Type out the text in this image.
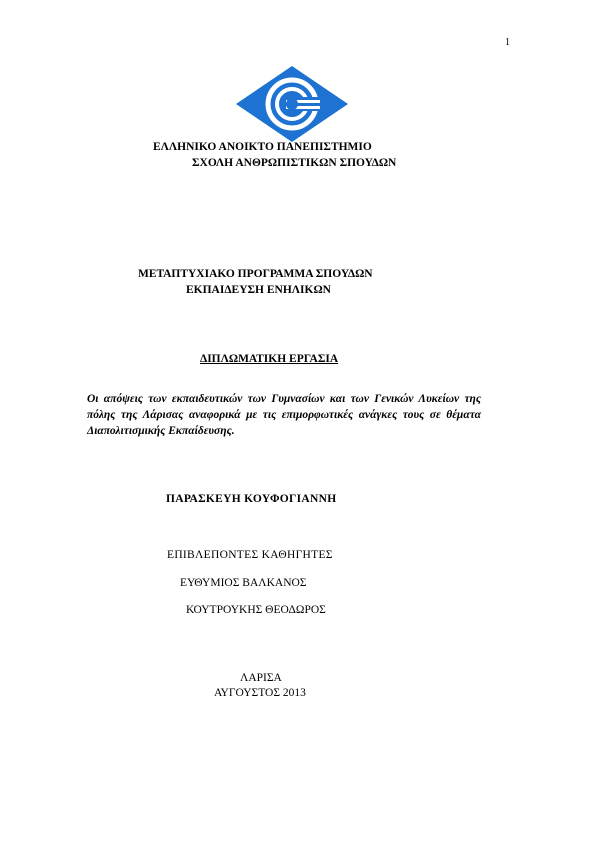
1

ΕΛΛΗΝΙΚΟ ΑΝΟΙΚΤΟ ΠΑΝΕΠΙΣΤΗΜΙΟ

ΣΧΟΛΗ ΑΝΘΡΩΠΙΣΤΙΚΩΝ ΣΠΟΥΔΩΝ

ΜΕΤΑΠΤΥΧΙΑΚΟ ΠΡΟΓΡΑΜΜΑ ΣΠΟΥΔΩΝ

ΕΚΠΑΙΔΕΥΣΗ ΕΝΗΛΙΚΩΝ

ΔΙΠΛΩΜΑΤΙΚΗ ΕΡΓΑΣΙΑ

Οι απόψεις των εκπαιδευτικών των Γυμνασίων και των Γενικών Λυκείων της πόλης της Λάρισας αναφορικά με τις επιμορφωτικές ανάγκες τους σε θέματα Διαπολιτισμικής Εκπαίδευσης.

ΠΑΡΑΣΚΕΥΗ ΚΟΥΦΟΓΙΑΝΝΗ

ΕΠΙΒΛΕΠΟΝΤΕΣ ΚΑΘΗΓΗΤΕΣ

ΕΥΘΥΜΙΟΣ ΒΑΛΚΑΝΟΣ

ΚΟΥΤΡΟΥΚΗΣ ΘΕΟΔΩΡΟΣ

ΛΑΡΙΣΑ

ΑΥΓΟΥΣΤΟΣ 2013
